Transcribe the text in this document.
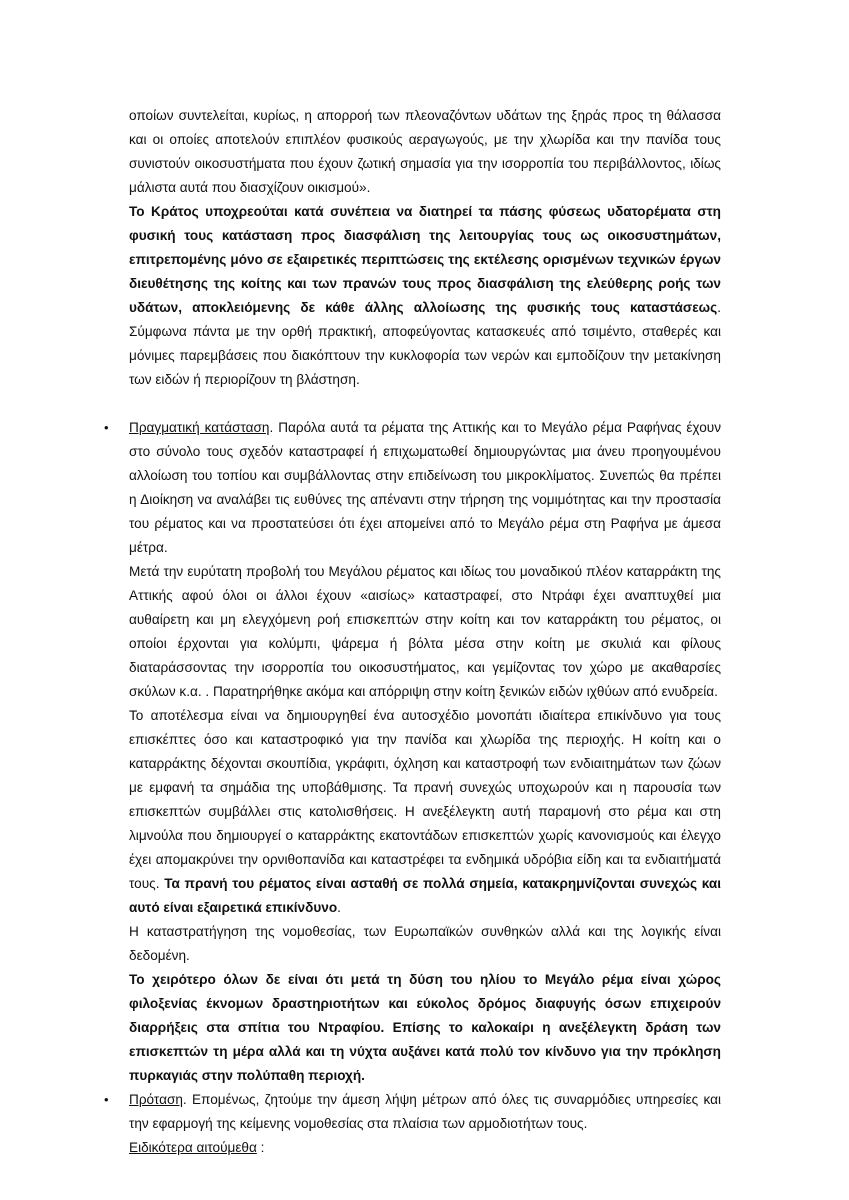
οποίων συντελείται, κυρίως, η απορροή των πλεοναζόντων υδάτων της ξηράς προς τη θάλασσα και οι οποίες αποτελούν επιπλέον φυσικούς αεραγωγούς, με την χλωρίδα και την πανίδα τους συνιστούν οικοσυστήματα που έχουν ζωτική σημασία για την ισορροπία του περιβάλλοντος, ιδίως μάλιστα αυτά που διασχίζουν οικισμού».

Το Κράτος υποχρεούται κατά συνέπεια να διατηρεί τα πάσης φύσεως υδατορέματα στη φυσική τους κατάσταση προς διασφάλιση της λειτουργίας τους ως οικοσυστημάτων, επιτρεπομένης μόνο σε εξαιρετικές περιπτώσεις της εκτέλεσης ορισμένων τεχνικών έργων διευθέτησης της κοίτης και των πρανών τους προς διασφάλιση της ελεύθερης ροής των υδάτων, αποκλειόμενης δε κάθε άλλης αλλοίωσης της φυσικής τους καταστάσεως. Σύμφωνα πάντα με την ορθή πρακτική, αποφεύγοντας κατασκευές από τσιμέντο, σταθερές και μόνιμες παρεμβάσεις που διακόπτουν την κυκλοφορία των νερών και εμποδίζουν την μετακίνηση των ειδών ή περιορίζουν τη βλάστηση.

• Πραγματική κατάσταση. Παρόλα αυτά τα ρέματα της Αττικής και το Μεγάλο ρέμα Ραφήνας έχουν στο σύνολο τους σχεδόν καταστραφεί ή επιχωματωθεί δημιουργώντας μια άνευ προηγουμένου αλλοίωση του τοπίου και συμβάλλοντας στην επιδείνωση του μικροκλίματος. Συνεπώς θα πρέπει η Διοίκηση να αναλάβει τις ευθύνες της απέναντι στην τήρηση της νομιμότητας και την προστασία του ρέματος και να προστατεύσει ότι έχει απομείνει από το Μεγάλο ρέμα στη Ραφήνα με άμεσα μέτρα.

Μετά την ευρύτατη προβολή του Μεγάλου ρέματος και ιδίως του μοναδικού πλέον καταρράκτη της Αττικής αφού όλοι οι άλλοι έχουν «αισίως» καταστραφεί, στο Ντράφι έχει αναπτυχθεί μια αυθαίρετη και μη ελεγχόμενη ροή επισκεπτών στην κοίτη και τον καταρράκτη του ρέματος, οι οποίοι έρχονται για κολύμπι, ψάρεμα ή βόλτα μέσα στην κοίτη με σκυλιά και φίλους διαταράσσοντας την ισορροπία του οικοσυστήματος, και γεμίζοντας τον χώρο με ακαθαρσίες σκύλων κ.α. . Παρατηρήθηκε ακόμα και απόρριψη στην κοίτη ξενικών ειδών ιχθύων από ενυδρεία.

Το αποτέλεσμα είναι να δημιουργηθεί ένα αυτοσχέδιο μονοπάτι ιδιαίτερα επικίνδυνο για τους επισκέπτες όσο και καταστροφικό για την πανίδα και χλωρίδα της περιοχής. Η κοίτη και ο καταρράκτης δέχονται σκουπίδια, γκράφιτι, όχληση και καταστροφή των ενδιαιτημάτων των ζώων με εμφανή τα σημάδια της υποβάθμισης. Τα πρανή συνεχώς υποχωρούν και η παρουσία των επισκεπτών συμβάλλει στις κατολισθήσεις. Η ανεξέλεγκτη αυτή παραμονή στο ρέμα και στη λιμνούλα που δημιουργεί ο καταρράκτης εκατοντάδων επισκεπτών χωρίς κανονισμούς και έλεγχο έχει απομακρύνει την ορνιθοπανίδα και καταστρέφει τα ενδημικά υδρόβια είδη και τα ενδιαιτήματά τους. Τα πρανή του ρέματος είναι ασταθή σε πολλά σημεία, κατακρημνίζονται συνεχώς και αυτό είναι εξαιρετικά επικίνδυνο.

Η καταστρατήγηση της νομοθεσίας, των Ευρωπαϊκών συνθηκών αλλά και της λογικής είναι δεδομένη.

Το χειρότερο όλων δε είναι ότι μετά τη δύση του ηλίου το Μεγάλο ρέμα είναι χώρος φιλοξενίας έκνομων δραστηριοτήτων και εύκολος δρόμος διαφυγής όσων επιχειρούν διαρρήξεις στα σπίτια του Ντραφίου. Επίσης το καλοκαίρι η ανεξέλεγκτη δράση των επισκεπτών τη μέρα αλλά και τη νύχτα αυξάνει κατά πολύ τον κίνδυνο για την πρόκληση πυρκαγιάς στην πολύπαθη περιοχή.

• Πρόταση. Επομένως, ζητούμε την άμεση λήψη μέτρων από όλες τις συναρμόδιες υπηρεσίες και την εφαρμογή της κείμενης νομοθεσίας στα πλαίσια των αρμοδιοτήτων τους.

Ειδικότερα αιτούμεθα :
